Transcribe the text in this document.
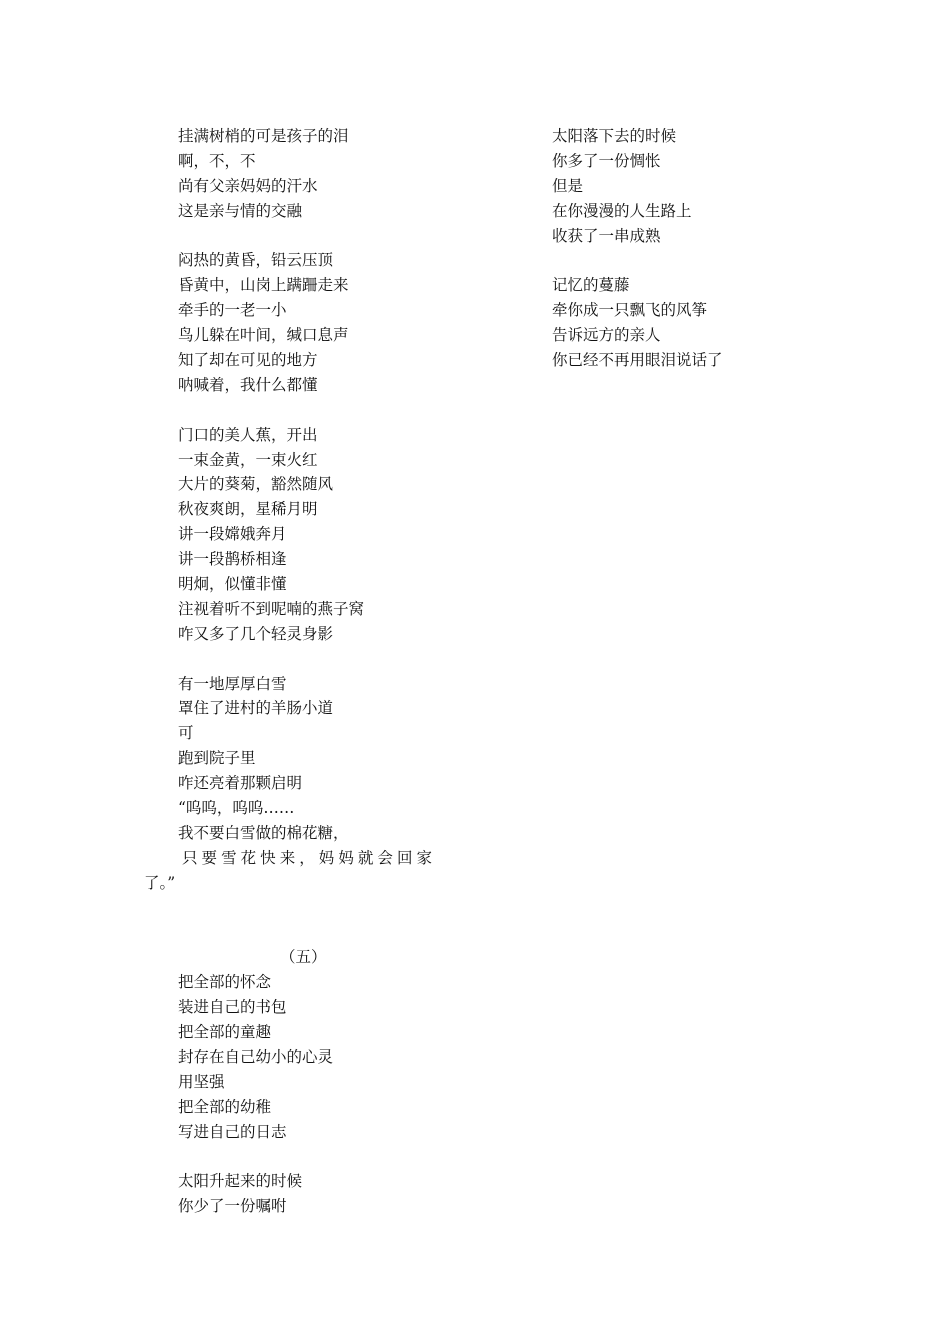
挂满树梢的可是孩子的泪
啊，不，不
尚有父亲妈妈的汗水
这是亲与情的交融
闷热的黄昏，铅云压顶
昏黄中，山岗上蹒跚走来
牵手的一老一小
鸟儿躲在叶间，缄口息声
知了却在可见的地方
呐喊着，我什么都懂
门口的美人蕉，开出
一束金黄，一束火红
大片的葵菊，豁然随风
秋夜爽朗，星稀月明
讲一段嫦娥奔月
讲一段鹊桥相逢
明炯，似懂非懂
注视着听不到呢喃的燕子窝
咋又多了几个轻灵身影
有一地厚厚白雪
罩住了进村的羊肠小道
可
跑到院子里
咋还亮着那颗启明
“呜呜，呜呜……
我不要白雪做的棉花糖，
只要雪花快来，妈妈就会回家
了。”
（五）
把全部的怀念
装进自己的书包
把全部的童趣
封存在自己幼小的心灵
用坚强
把全部的幼稚
写进自己的日志
太阳升起来的时候
你少了一份嘱咐
太阳落下去的时候
你多了一份惆怅
但是
在你漫漫的人生路上
收获了一串成熟
记忆的蔓藤
牵你成一只飘飞的风筝
告诉远方的亲人
你已经不再用眼泪说话了
